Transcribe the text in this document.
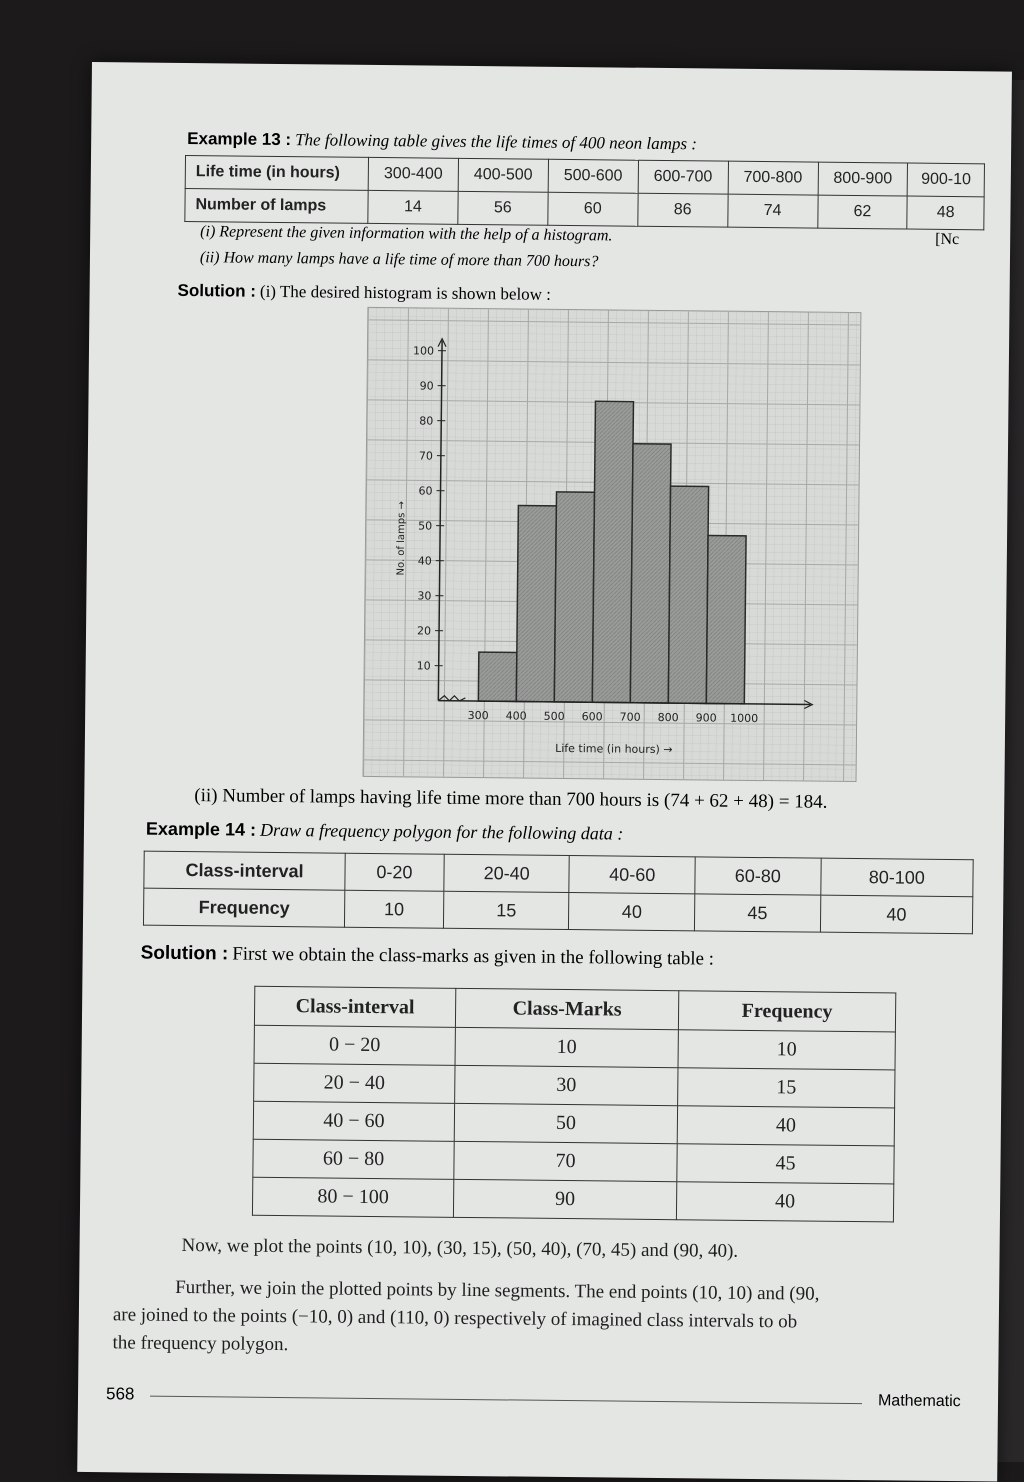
Example 13 : The following table gives the life times of 400 neon lamps :
Life time (in hours)	300-400	400-500	500-600	600-700	700-800	800-900	900-10
Number of lamps	14	56	60	86	74	62	48
(i) Represent the given information with the help of a histogram.	[Nc
(ii) How many lamps have a life time of more than 700 hours?
Solution : (i) The desired histogram is shown below :
10
20
30
40
50
60
70
80
90
100
300 400 500 600 700 800 900 1000
Life time (in hours) →
No. of lamps →
(ii) Number of lamps having life time more than 700 hours is (74 + 62 + 48) = 184.
Example 14 : Draw a frequency polygon for the following data :
Class-interval	0-20	20-40	40-60	60-80	80-100
Frequency	10	15	40	45	40
Solution : First we obtain the class-marks as given in the following table :
Class-interval	Class-Marks	Frequency
0 − 20	10	10
20 − 40	30	15
40 − 60	50	40
60 − 80	70	45
80 − 100	90	40
Now, we plot the points (10, 10), (30, 15), (50, 40), (70, 45) and (90, 40).
Further, we join the plotted points by line segments. The end points (10, 10) and (90,
are joined to the points (−10, 0) and (110, 0) respectively of imagined class intervals to ob
the frequency polygon.
568	Mathematic
